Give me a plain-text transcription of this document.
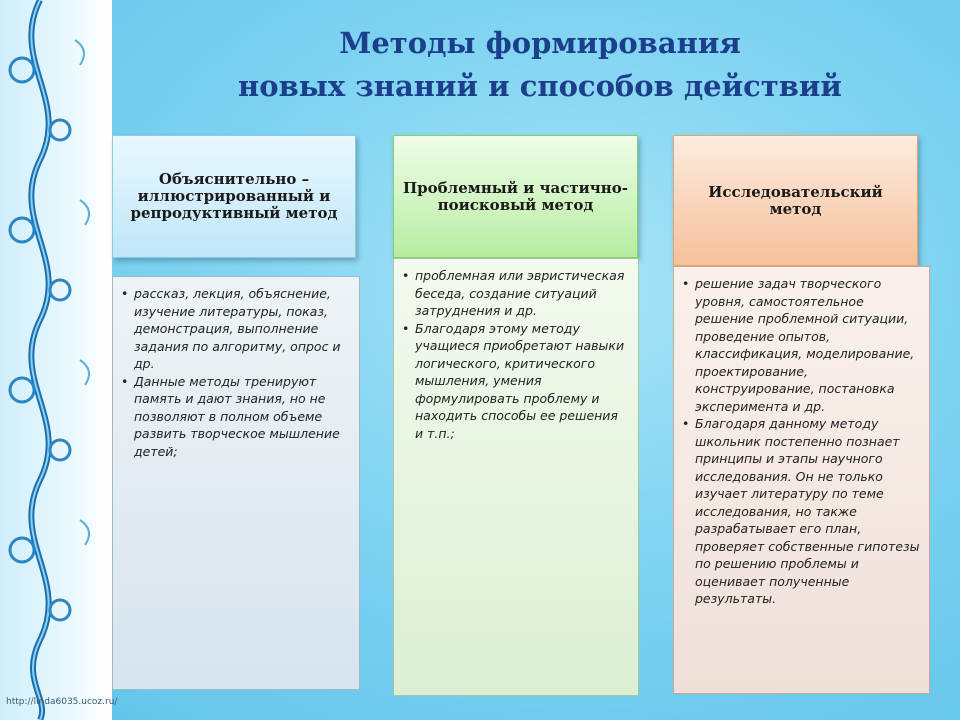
Методы формирования
новых знаний и способов действий
Объяснительно – иллюстрированный и репродуктивный метод
• рассказ, лекция, объяснение, изучение литературы, показ, демонстрация, выполнение задания по алгоритму, опрос и др.
• Данные методы тренируют память и дают знания, но не позволяют в полном объеме развить творческое мышление детей;
Проблемный и частично-поисковый метод
• проблемная или эвристическая беседа, создание ситуаций затруднения и др.
• Благодаря этому методу учащиеся приобретают навыки логического, критического мышления, умения формулировать проблему и находить способы ее решения и т.п.;
Исследовательский метод
• решение задач творческого уровня, самостоятельное решение проблемной ситуации, проведение опытов, классификация, моделирование, проектирование, конструирование, постановка эксперимента и др.
• Благодаря данному методу школьник постепенно познает принципы и этапы научного исследования. Он не только изучает литературу по теме исследования, но также разрабатывает его план, проверяет собственные гипотезы по решению проблемы и оценивает полученные результаты.
http://linda6035.ucoz.ru/
